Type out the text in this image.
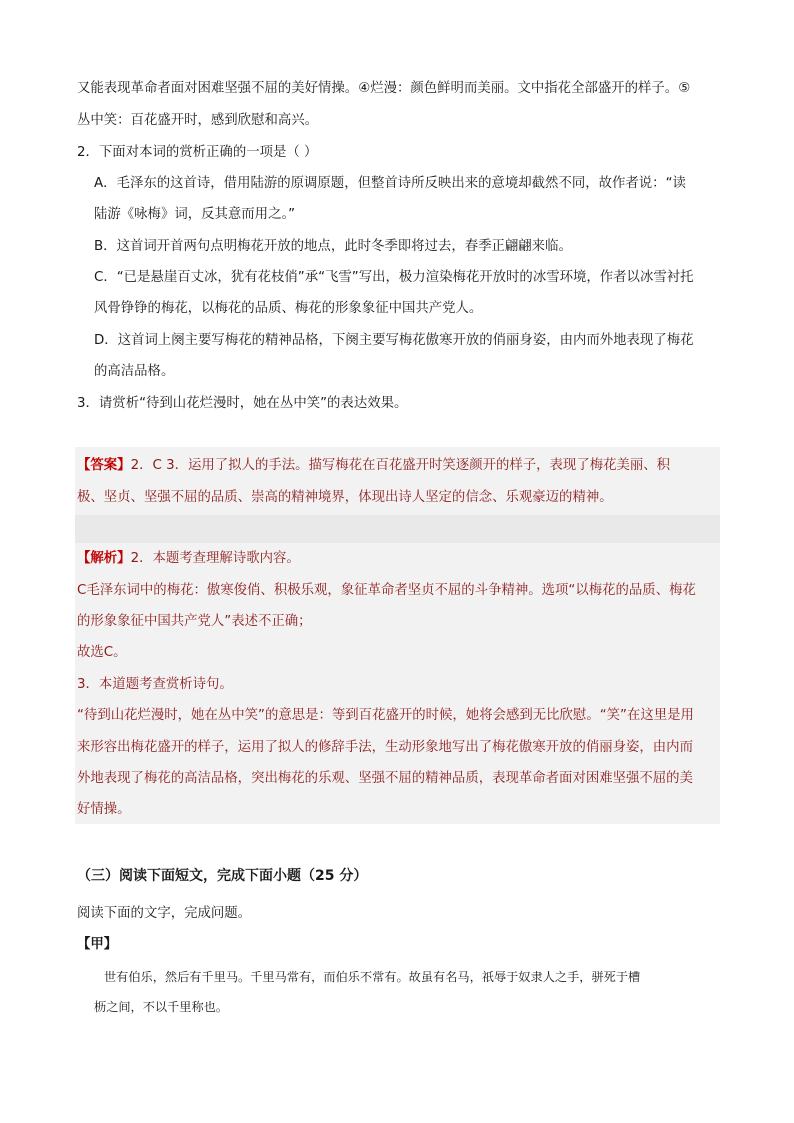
又能表现革命者面对困难坚强不屈的美好情操。④烂漫：颜色鲜明而美丽。文中指花全部盛开的样子。⑤
丛中笑：百花盛开时，感到欣慰和高兴。
2．下面对本词的赏析正确的一项是（ ）
A．毛泽东的这首诗，借用陆游的原调原题，但整首诗所反映出来的意境却截然不同，故作者说：“读
陆游《咏梅》词，反其意而用之。”
B．这首词开首两句点明梅花开放的地点，此时冬季即将过去，春季正翩翩来临。
C．“已是悬崖百丈冰，犹有花枝俏”承“飞雪”写出，极力渲染梅花开放时的冰雪环境，作者以冰雪衬托
风骨铮铮的梅花，以梅花的品质、梅花的形象象征中国共产党人。
D．这首词上阕主要写梅花的精神品格，下阕主要写梅花傲寒开放的俏丽身姿，由内而外地表现了梅花
的高洁品格。
3．请赏析“待到山花烂漫时，她在丛中笑”的表达效果。
【答案】2．C 3．运用了拟人的手法。描写梅花在百花盛开时笑逐颜开的样子，表现了梅花美丽、积
极、坚贞、坚强不屈的品质、崇高的精神境界，体现出诗人坚定的信念、乐观豪迈的精神。
【解析】2．本题考查理解诗歌内容。
C毛泽东词中的梅花：傲寒俊俏、积极乐观，象征革命者坚贞不屈的斗争精神。选项“以梅花的品质、梅花
的形象象征中国共产党人”表述不正确；
故选C。
3．本道题考查赏析诗句。
“待到山花烂漫时，她在丛中笑”的意思是：等到百花盛开的时候，她将会感到无比欣慰。“笑”在这里是用
来形容出梅花盛开的样子，运用了拟人的修辞手法，生动形象地写出了梅花傲寒开放的俏丽身姿，由内而
外地表现了梅花的高洁品格，突出梅花的乐观、坚强不屈的精神品质，表现革命者面对困难坚强不屈的美
好情操。
（三）阅读下面短文，完成下面小题（25 分）
阅读下面的文字，完成问题。
【甲】
世有伯乐，然后有千里马。千里马常有，而伯乐不常有。故虽有名马，祇辱于奴隶人之手，骈死于槽
枥之间，不以千里称也。
